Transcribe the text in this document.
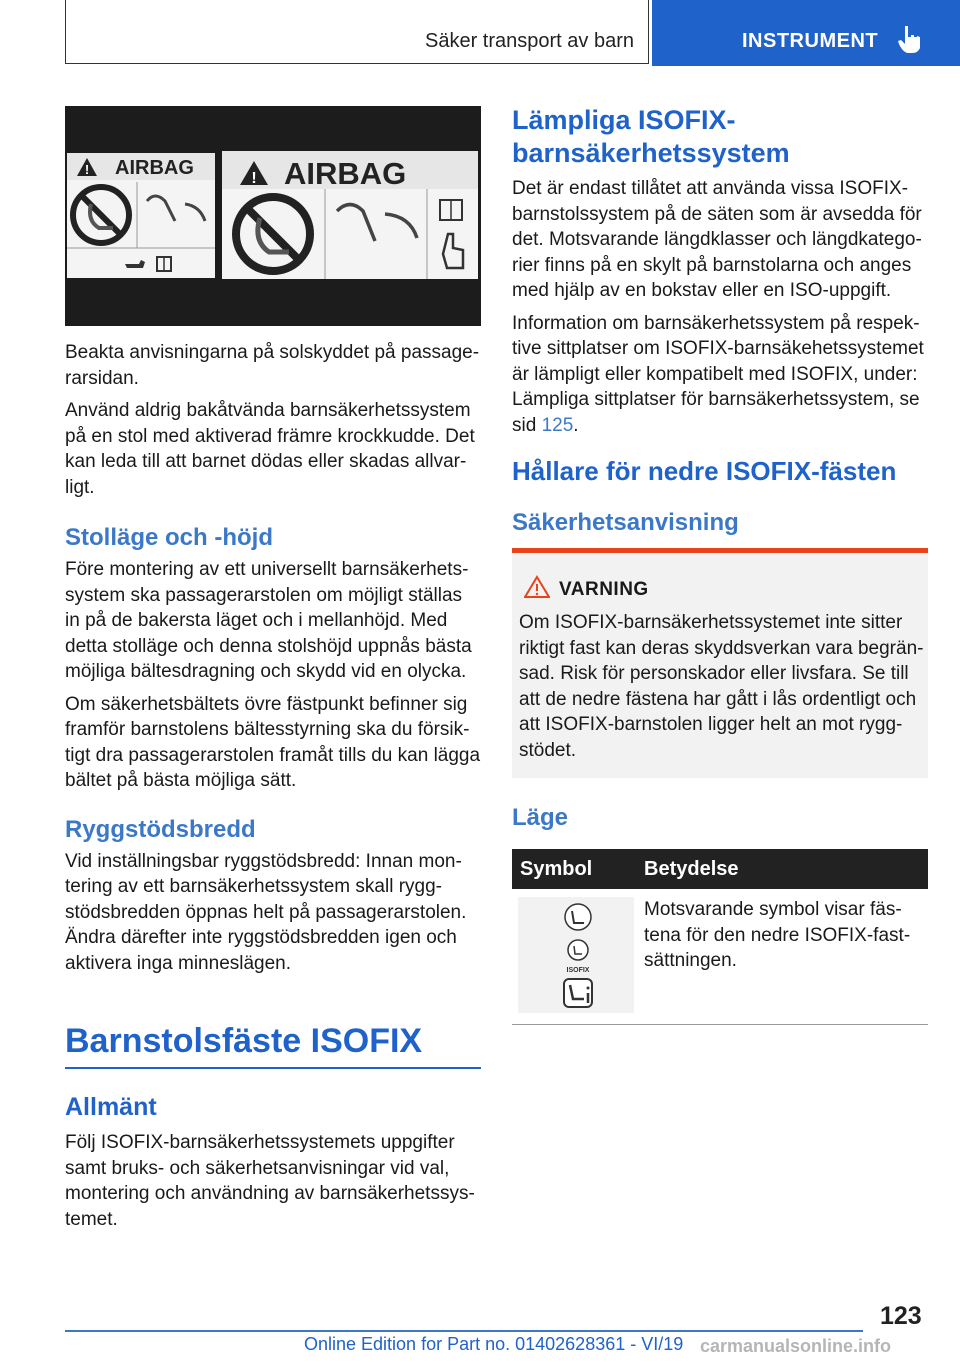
Säker transport av barn	INSTRUMENT
! AIRBAG	! AIRBAG

Beakta anvisningarna på solskyddet på passagerarsidan.

Använd aldrig bakåtvända barnsäkerhetssystem på en stol med aktiverad främre krockkudde. Det kan leda till att barnet dödas eller skadas allvarligt.

Stolläge och -höjd

Före montering av ett universellt barnsäkerhetssystem ska passagerarstolen om möjligt ställas in på de bakersta läget och i mellanhöjd. Med detta stolläge och denna stolshöjd uppnås bästa möjliga bältesdragning och skydd vid en olycka.

Om säkerhetsbältets övre fästpunkt befinner sig framför barnstolens bältesstyrning ska du försiktigt dra passagerarstolen framåt tills du kan lägga bältet på bästa möjliga sätt.

Ryggstödsbredd

Vid inställningsbar ryggstödsbredd: Innan montering av ett barnsäkerhetssystem skall ryggstödsbredden öppnas helt på passagerarstolen. Ändra därefter inte ryggstödsbredden igen och aktivera inga minneslägen.

Barnstolsfäste ISOFIX

Allmänt

Följ ISOFIX-barnsäkerhetssystemets uppgifter samt bruks- och säkerhetsanvisningar vid val, montering och användning av barnsäkerhetssystemet.

Lämpliga ISOFIX-

barnsäkerhetssystem

Det är endast tillåtet att använda vissa ISOFIX-barnstolssystem på de säten som är avsedda för det. Motsvarande längdklasser och längdkategorier finns på en skylt på barnstolarna och anges med hjälp av en bokstav eller en ISO-uppgift.

Information om barnsäkerhetssystem på respektive sittplatser om ISOFIX-barnsäkehetssystemet är lämpligt eller kompatibelt med ISOFIX, under: Lämpliga sittplatser för barnsäkerhetssystem, se sid 125.

Hållare för nedre ISOFIX-fästen

Säkerhetsanvisning

VARNING

Om ISOFIX-barnsäkerhetssystemet inte sitter riktigt fast kan deras skyddsverkan vara begränsad. Risk för personskador eller livsfara. Se till att de nedre fästena har gått i lås ordentligt och att ISOFIX-barnstolen ligger helt an mot ryggstödet.

Läge

Symbol	Betydelse
ISOFIX

Motsvarande symbol visar fästena för den nedre ISOFIX-fastsättningen.

123
Online Edition for Part no. 01402628361 - VI/19 carmanualsonline.info
